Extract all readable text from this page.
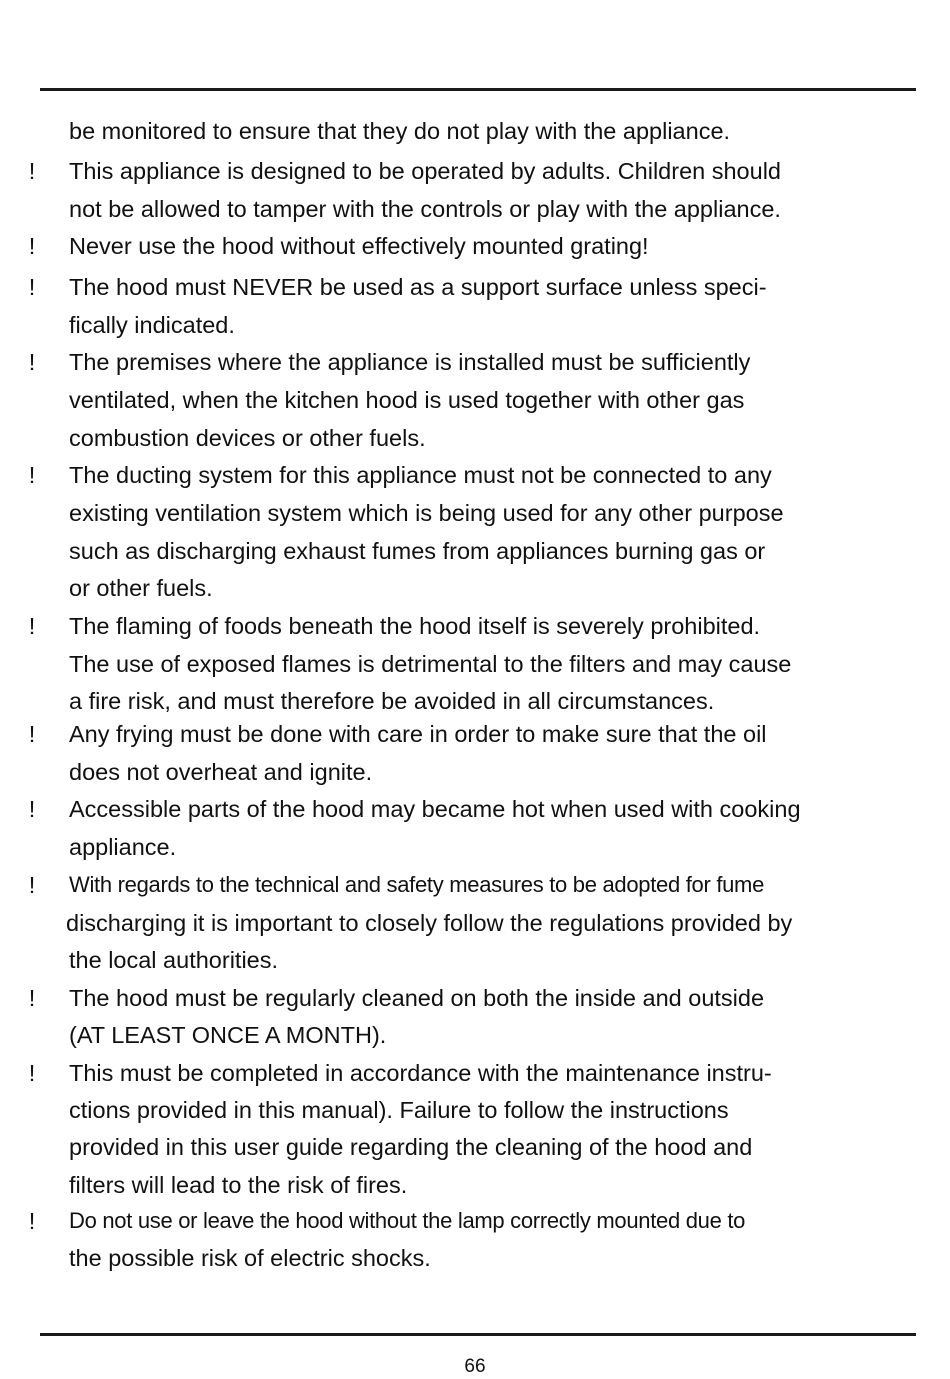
be monitored to ensure that they do not play with the appliance.
! This appliance is designed to be operated by adults. Children should
not be allowed to tamper with the controls or play with the appliance.
! Never use the hood without effectively mounted grating!
! The hood must NEVER be used as a support surface unless speci-
fically indicated.
! The premises where the appliance is installed must be sufficiently
ventilated, when the kitchen hood is used together with other gas
combustion devices or other fuels.
! The ducting system for this appliance must not be connected to any
existing ventilation system which is being used for any other purpose
such as discharging exhaust fumes from appliances burning gas or
or other fuels.
! The flaming of foods beneath the hood itself is severely prohibited.
The use of exposed flames is detrimental to the filters and may cause
a fire risk, and must therefore be avoided in all circumstances.
! Any frying must be done with care in order to make sure that the oil
does not overheat and ignite.
! Accessible parts of the hood may became hot when used with cooking
appliance.
! With regards to the technical and safety measures to be adopted for fume
discharging it is important to closely follow the regulations provided by
the local authorities.
! The hood must be regularly cleaned on both the inside and outside
(AT LEAST ONCE A MONTH).
! This must be completed in accordance with the maintenance instru-
ctions provided in this manual). Failure to follow the instructions
provided in this user guide regarding the cleaning of the hood and
filters will lead to the risk of fires.
! Do not use or leave the hood without the lamp correctly mounted due to
the possible risk of electric shocks.
66
